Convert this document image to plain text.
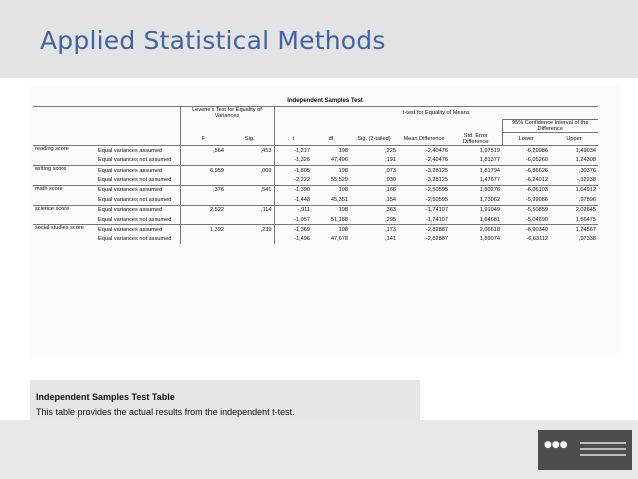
Applied Statistical Methods
Independent Samples Test
		Levene's Test for Equality of Variances		t-test for Equality of Means						
									95% Confidence Interval of the Difference	
		F	Sig.	t	df	Sig. (2-tailed)	Mean Difference	Std. Error Difference	Lower	Upper
reading score	Equal variances assumed	,564	,453	-1,217	198	,225	-2,40476	1,97519	-6,29986	1,49034
	Equal variances not assumed			-1,326	47,496	,191	-2,40476	1,81377	-6,05260	1,24308
writing score	Equal variances assumed	6,959	,009	-1,805	198	,073	-3,28125	1,81794	-6,86626	,30376
	Equal variances not assumed			-2,222	55,529	,030	-3,28125	1,47677	-6,24012	-,32238
math score	Equal variances assumed	,376	,541	-1,390	198	,166	-2,50595	1,80276	-6,06103	1,04912
	Equal variances not assumed			-1,448	45,351	,154	-2,50595	1,73062	-5,99086	,97896
science score	Equal variances assumed	2,522	,114	-,911	198	,363	-1,74107	1,91049	-5,50859	2,02645
	Equal variances not assumed			-1,057	51,188	,295	-1,74107	1,64681	-5,04690	1,56475
social studies score	Equal variances assumed	1,392	,239	-1,369	198	,173	-2,82887	2,06618	-6,90340	1,24567
	Equal variances not assumed			-1,496	47,678	,141	-2,82887	1,89074	-6,63112	,97338
Independent Samples Test Table
This table provides the actual results from the independent t-test.
●●●
